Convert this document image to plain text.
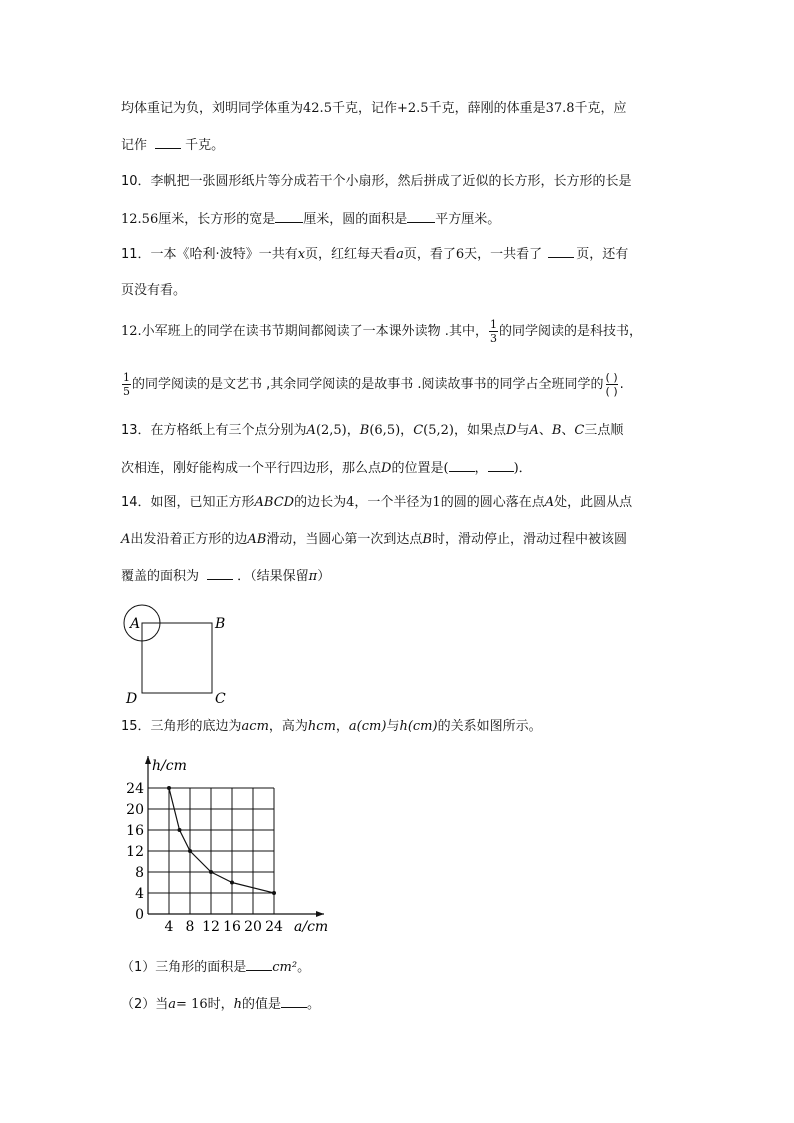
均体重记为负，刘明同学体重为42.5千克，记作+2.5千克，薛刚的体重是37.8千克，应
记作	千克。
10．李帆把一张圆形纸片等分成若干个小扇形，然后拼成了近似的长方形，长方形的长是
12.56厘米，长方形的宽是 厘米，圆的面积是 平方厘米。
11．一本《哈利·波特》一共有x页，红红每天看a页，看了6天，一共看了	页，还有
页没有看。
12.小军班上的同学在读书节期间都阅读了一本课外读物 .其中， $\frac{1}{3}$ 的同学阅读的是科技书，
$\frac{1}{5}$ 的同学阅读的是文艺书 ,其余同学阅读的是故事书 .阅读故事书的同学占全班同学的 $\frac{( )}{( )}$ .
13．在方格纸上有三个点分别为A(2,5)，B(6,5)，C(5,2)，如果点D与A、B、C三点顺
次相连，刚好能构成一个平行四边形，那么点D的位置是( ， )．
14．如图，已知正方形ABCD的边长为4，一个半径为1的圆的圆心落在点A处，此圆从点
A出发沿着正方形的边AB滑动，当圆心第一次到达点B时，滑动停止，滑动过程中被该圆
覆盖的面积为	．（结果保留π）
A	B
C
D
15．三角形的底边为acm，高为hcm，a(cm)与h(cm)的关系如图所示。
4 8 12 16 20 24
0
4
8
12
16
20
24
a/cm
h/cm
（1）三角形的面积是 cm²。
（2）当a= 16时，h的值是 。
